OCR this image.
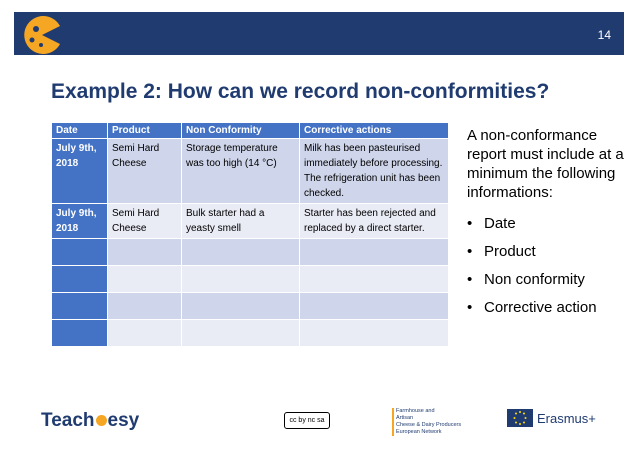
14
Example 2: How can we record non-conformities?
Date	Product	Non Conformity	Corrective actions
July 9th, 2018	Semi Hard Cheese	Storage temperature was too high (14 °C)	Milk has been pasteurised immediately before processing.
The refrigeration unit has been checked.

July 9th, 2018	Semi Hard Cheese	Bulk starter had a yeasty smell	Starter has been rejected and replaced by a direct starter.

A non-conformance report must include at a minimum the following informations:
• Date
• Product
• Non conformity
• Corrective action
Teach esy	cc by nc sa
Farmhouse and
Artisan
Cheese & Dairy Producers
European Network
Erasmus+
